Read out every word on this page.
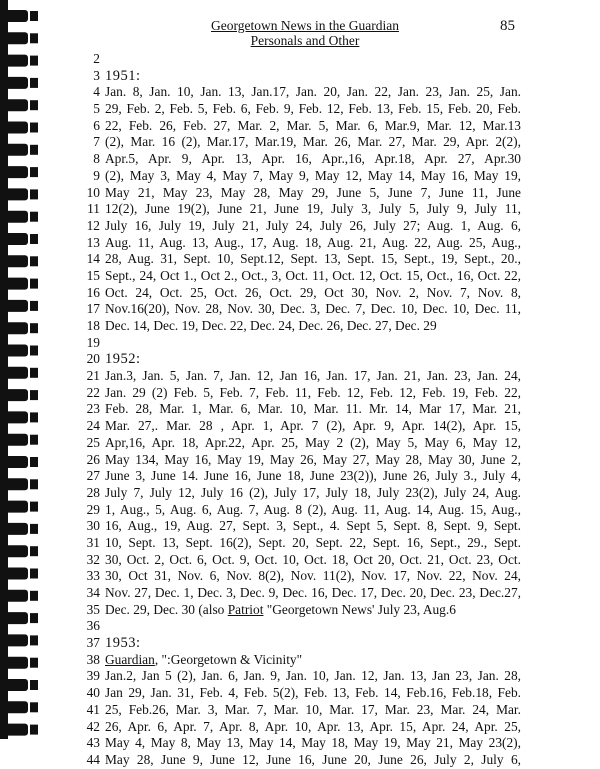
Georgetown News in the Guardian
Personals and Other
85
2
3 1951:
4 Jan. 8, Jan. 10, Jan. 13, Jan.17, Jan. 20, Jan. 22, Jan. 23, Jan. 25, Jan.
5 29, Feb. 2, Feb. 5, Feb. 6, Feb. 9, Feb. 12, Feb. 13, Feb. 15, Feb. 20, Feb.
6 22, Feb. 26, Feb. 27, Mar. 2, Mar. 5, Mar. 6, Mar.9, Mar. 12, Mar.13
7 (2), Mar. 16 (2), Mar.17, Mar.19, Mar. 26, Mar. 27, Mar. 29, Apr. 2(2),
8 Apr.5, Apr. 9, Apr. 13, Apr. 16, Apr.,16, Apr.18, Apr. 27, Apr.30
9 (2), May 3, May 4, May 7, May 9, May 12, May 14, May 16, May 19,
10 May 21, May 23, May 28, May 29, June 5, June 7, June 11, June
11 12(2), June 19(2), June 21, June 19, July 3, July 5, July 9, July 11,
12 July 16, July 19, July 21, July 24, July 26, July 27; Aug. 1, Aug. 6,
13 Aug. 11, Aug. 13, Aug., 17, Aug. 18, Aug. 21, Aug. 22, Aug. 25, Aug.,
14 28, Aug. 31, Sept. 10, Sept.12, Sept. 13, Sept. 15, Sept., 19, Sept., 20.,
15 Sept., 24, Oct 1., Oct 2., Oct., 3, Oct. 11, Oct. 12, Oct. 15, Oct., 16, Oct. 22,
16 Oct. 24, Oct. 25, Oct. 26, Oct. 29, Oct 30, Nov. 2, Nov. 7, Nov. 8,
17 Nov.16(20), Nov. 28, Nov. 30, Dec. 3, Dec. 7, Dec. 10, Dec. 10, Dec. 11,
18 Dec. 14, Dec. 19, Dec. 22, Dec. 24, Dec. 26, Dec. 27, Dec. 29
19
20 1952:
21 Jan.3, Jan. 5, Jan. 7, Jan. 12, Jan 16, Jan. 17, Jan. 21, Jan. 23, Jan. 24,
22 Jan. 29 (2) Feb. 5, Feb. 7, Feb. 11, Feb. 12, Feb. 12, Feb. 19, Feb. 22,
23 Feb. 28, Mar. 1, Mar. 6, Mar. 10, Mar. 11. Mr. 14, Mar 17, Mar. 21,
24 Mar. 27,. Mar. 28 , Apr. 1, Apr. 7 (2), Apr. 9, Apr. 14(2), Apr. 15,
25 Apr,16, Apr. 18, Apr.22, Apr. 25, May 2 (2), May 5, May 6, May 12,
26 May 134, May 16, May 19, May 26, May 27, May 28, May 30, June 2,
27 June 3, June 14. June 16, June 18, June 23(2)), June 26, July 3., July 4,
28 July 7, July 12, July 16 (2), July 17, July 18, July 23(2), July 24, Aug.
29 1, Aug., 5, Aug. 6, Aug. 7, Aug. 8 (2), Aug. 11, Aug. 14, Aug. 15, Aug.,
30 16, Aug., 19, Aug. 27, Sept. 3, Sept., 4. Sept 5, Sept. 8, Sept. 9, Sept.
31 10, Sept. 13, Sept. 16(2), Sept. 20, Sept. 22, Sept. 16, Sept., 29., Sept.
32 30, Oct. 2, Oct. 6, Oct. 9, Oct. 10, Oct. 18, Oct 20, Oct. 21, Oct. 23, Oct.
33 30, Oct 31, Nov. 6, Nov. 8(2), Nov. 11(2), Nov. 17, Nov. 22, Nov. 24,
34 Nov. 27, Dec. 1, Dec. 3, Dec. 9, Dec. 16, Dec. 17, Dec. 20, Dec. 23, Dec.27,
35 Dec. 29, Dec. 30 (also Patriot "Georgetown News' July 23, Aug.6
36
37 1953:
38 Guardian, ":Georgetown & Vicinity"
39 Jan.2, Jan 5 (2), Jan. 6, Jan. 9, Jan. 10, Jan. 12, Jan. 13, Jan 23, Jan. 28,
40 Jan 29, Jan. 31, Feb. 4, Feb. 5(2), Feb. 13, Feb. 14, Feb.16, Feb.18, Feb.
41 25, Feb.26, Mar. 3, Mar. 7, Mar. 10, Mar. 17, Mar. 23, Mar. 24, Mar.
42 26, Apr. 6, Apr. 7, Apr. 8, Apr. 10, Apr. 13, Apr. 15, Apr. 24, Apr. 25,
43 May 4, May 8, May 13, May 14, May 18, May 19, May 21, May 23(2),
44 May 28, June 9, June 12, June 16, June 20, June 26, July 2, July 6,
